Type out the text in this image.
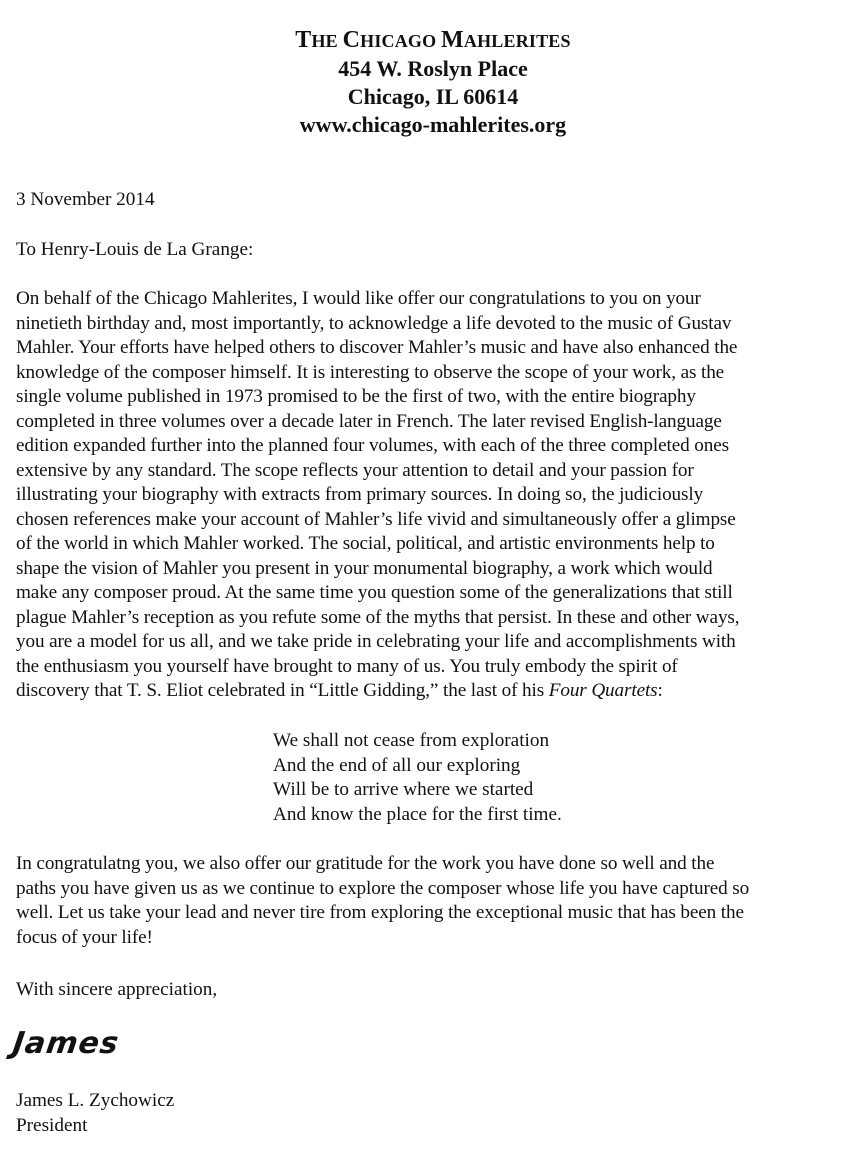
THE CHICAGO MAHLERITES
454 W. Roslyn Place
Chicago, IL 60614
www.chicago-mahlerites.org
3 November 2014
To Henry-Louis de La Grange:
On behalf of the Chicago Mahlerites, I would like offer our congratulations to you on your
ninetieth birthday and, most importantly, to acknowledge a life devoted to the music of Gustav
Mahler. Your efforts have helped others to discover Mahler’s music and have also enhanced the
knowledge of the composer himself. It is interesting to observe the scope of your work, as the
single volume published in 1973 promised to be the first of two, with the entire biography
completed in three volumes over a decade later in French. The later revised English-language
edition expanded further into the planned four volumes, with each of the three completed ones
extensive by any standard. The scope reflects your attention to detail and your passion for
illustrating your biography with extracts from primary sources. In doing so, the judiciously
chosen references make your account of Mahler’s life vivid and simultaneously offer a glimpse
of the world in which Mahler worked. The social, political, and artistic environments help to
shape the vision of Mahler you present in your monumental biography, a work which would
make any composer proud. At the same time you question some of the generalizations that still
plague Mahler’s reception as you refute some of the myths that persist. In these and other ways,
you are a model for us all, and we take pride in celebrating your life and accomplishments with
the enthusiasm you yourself have brought to many of us. You truly embody the spirit of
discovery that T. S. Eliot celebrated in “Little Gidding,” the last of his Four Quartets:
We shall not cease from exploration
And the end of all our exploring
Will be to arrive where we started
And know the place for the first time.
In congratulatng you, we also offer our gratitude for the work you have done so well and the
paths you have given us as we continue to explore the composer whose life you have captured so
well. Let us take your lead and never tire from exploring the exceptional music that has been the
focus of your life!
With sincere appreciation,
James
James L. Zychowicz
President
